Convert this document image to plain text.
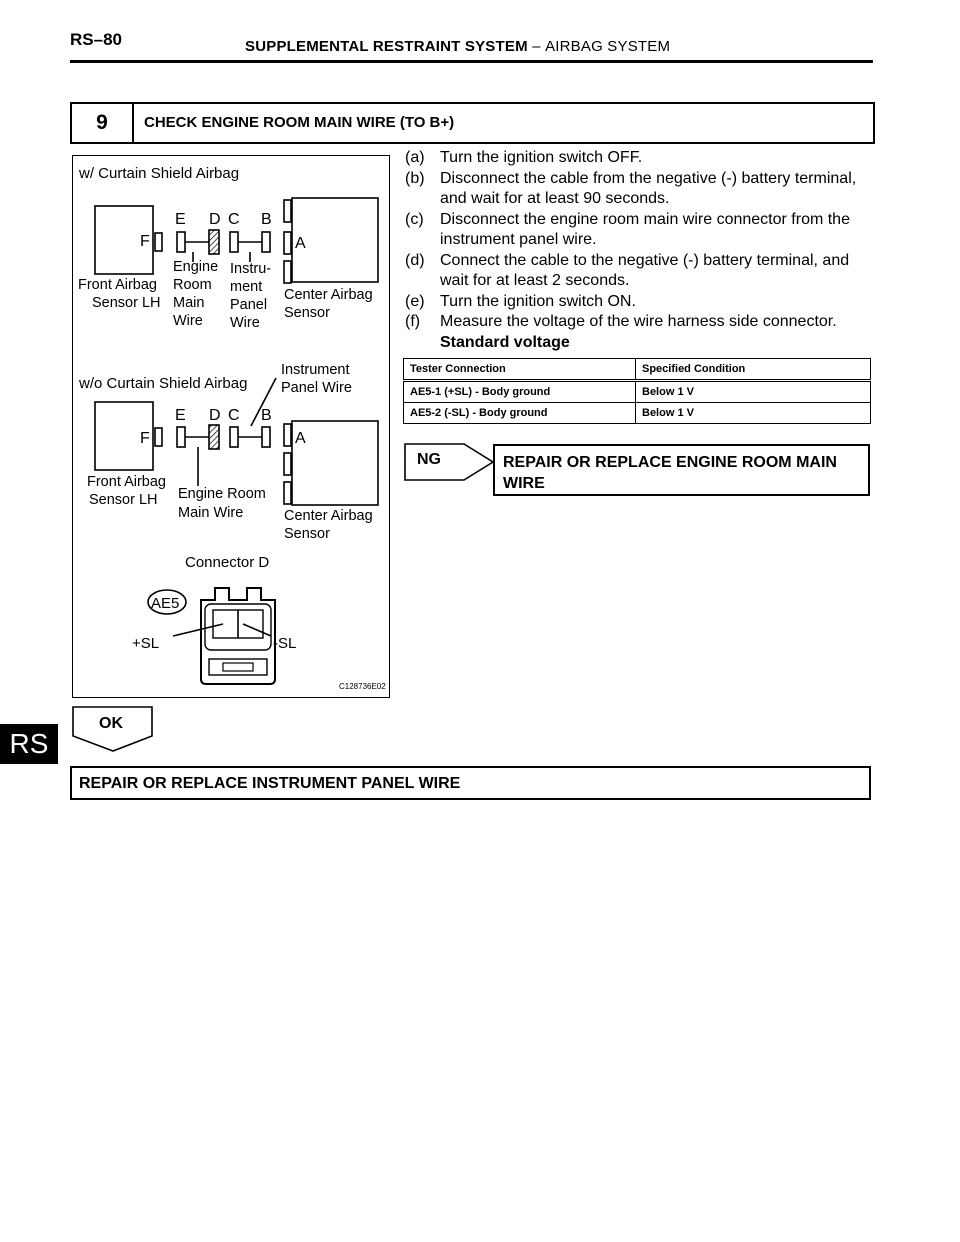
RS–80	SUPPLEMENTAL RESTRAINT SYSTEM – AIRBAG SYSTEM
9	CHECK ENGINE ROOM MAIN WIRE (TO B+)
w/ Curtain Shield Airbag
F
E D C B
A
Front Airbag Sensor LH
Engine Room Main Wire
Instru- ment Panel Wire
Center Airbag Sensor
w/o Curtain Shield Airbag
Instrument Panel Wire
F
E D C B
A
Front Airbag Sensor LH	Engine Room Main Wire	Center Airbag Sensor
Connector D
AE5
+SL	-SL
C128736E02
(a) Turn the ignition switch OFF.
(b) Disconnect the cable from the negative (-) battery terminal, and wait for at least 90 seconds.
(c)	Disconnect the engine room main wire connector from the instrument panel wire.
(d) Connect the cable to the negative (-) battery terminal, and wait for at least 2 seconds.
(e) Turn the ignition switch ON.
(f)	Measure the voltage of the wire harness side connector.
Standard voltage
Tester Connection	Specified Condition
AE5-1 (+SL) - Body ground	Below 1 V
AE5-2 (-SL) - Body ground	Below 1 V
NG	REPAIR OR REPLACE ENGINE ROOM MAIN WIRE
OK
REPAIR OR REPLACE INSTRUMENT PANEL WIRE
RS
